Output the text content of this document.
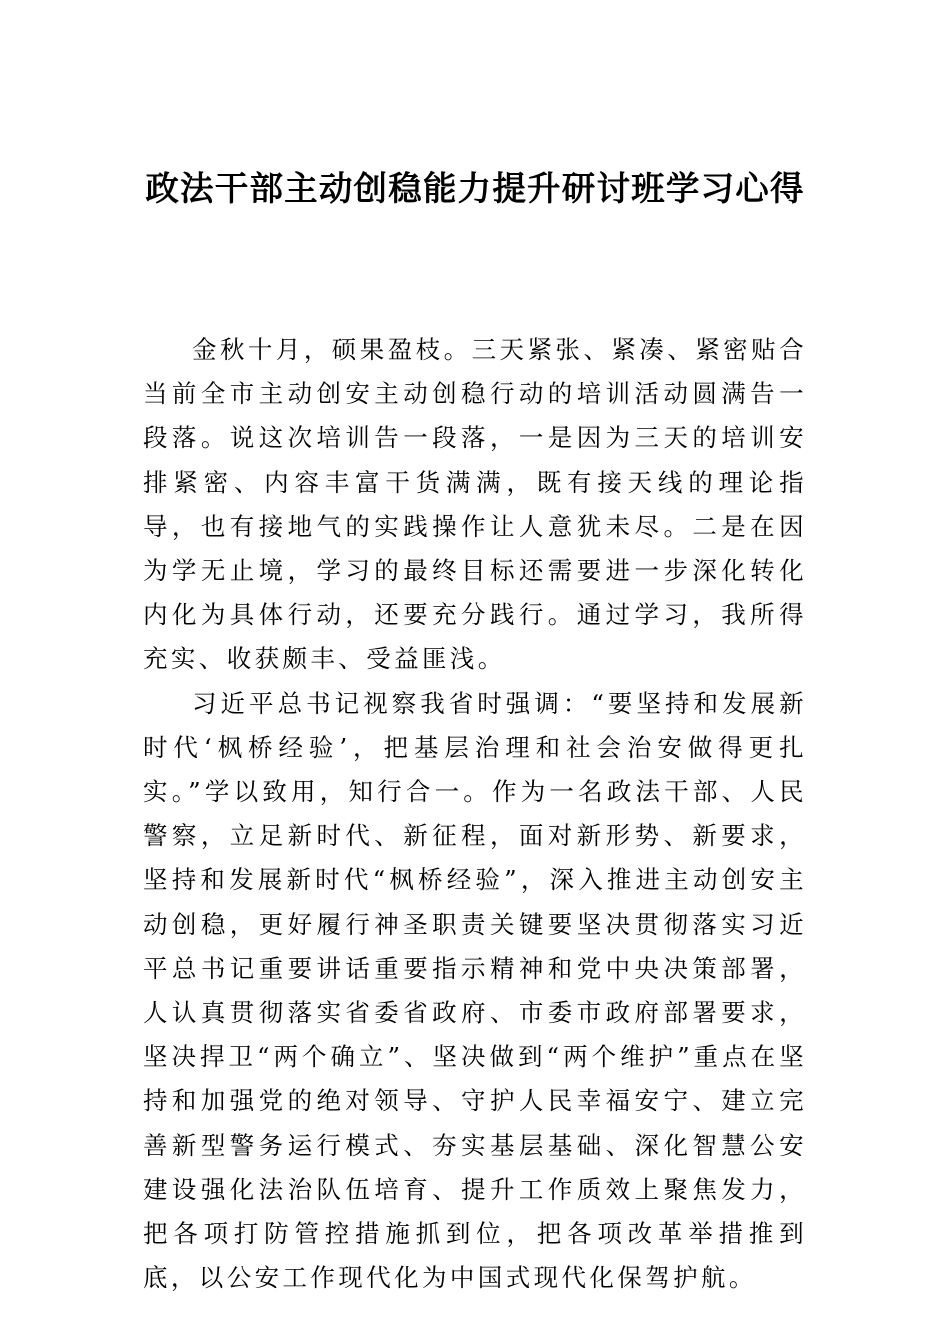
政法干部主动创稳能力提升研讨班学习心得

金秋十月，硕果盈枝。三天紧张、紧凑、紧密贴合当前全市主动创安主动创稳行动的培训活动圆满告一段落。说这次培训告一段落，一是因为三天的培训安排紧密、内容丰富干货满满，既有接天线的理论指导，也有接地气的实践操作让人意犹未尽。二是在因为学无止境，学习的最终目标还需要进一步深化转化内化为具体行动，还要充分践行。通过学习，我所得充实、收获颇丰、受益匪浅。

习近平总书记视察我省时强调：“要坚持和发展新时代‘枫桥经验’，把基层治理和社会治安做得更扎实。”学以致用，知行合一。作为一名政法干部、人民警察，立足新时代、新征程，面对新形势、新要求，坚持和发展新时代“枫桥经验”，深入推进主动创安主动创稳，更好履行神圣职责关键要坚决贯彻落实习近平总书记重要讲话重要指示精神和党中央决策部署，人认真贯彻落实省委省政府、市委市政府部署要求，坚决捍卫“两个确立”、坚决做到“两个维护”重点在坚持和加强党的绝对领导、守护人民幸福安宁、建立完善新型警务运行模式、夯实基层基础、深化智慧公安建设强化法治队伍培育、提升工作质效上聚焦发力，把各项打防管控措施抓到位，把各项改革举措推到底，以公安工作现代化为中国式现代化保驾护航。
